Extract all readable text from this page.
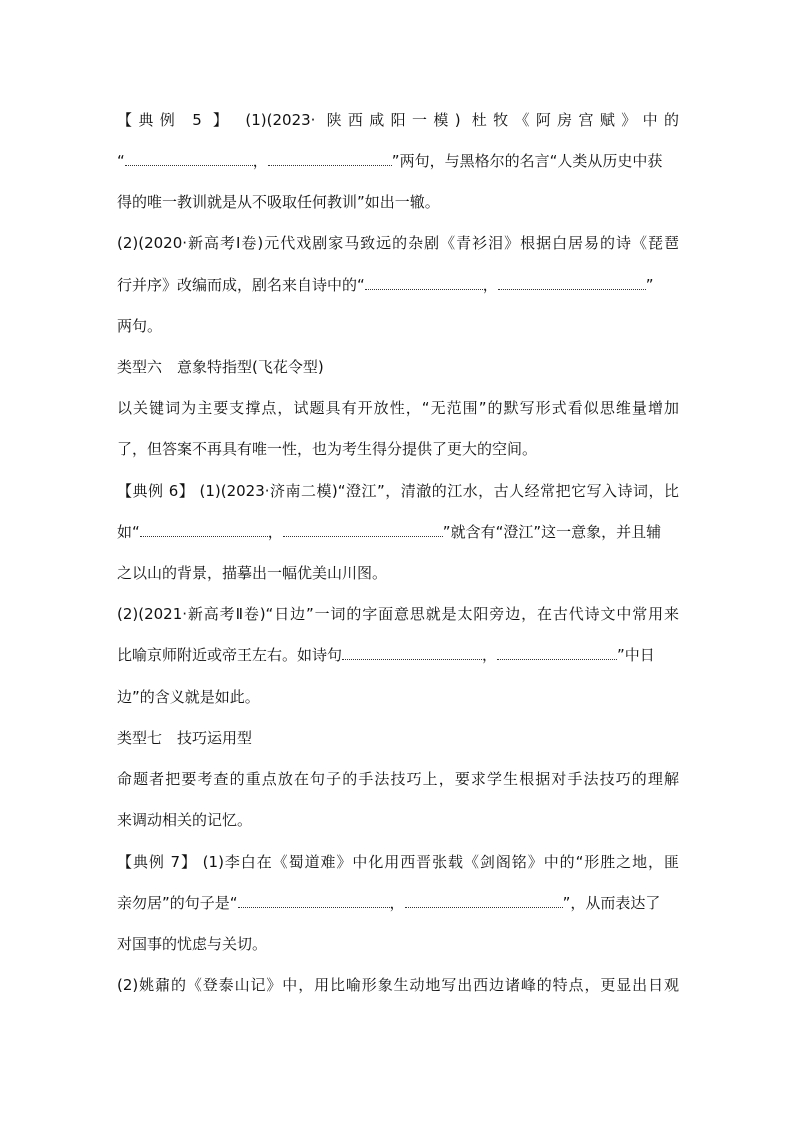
【典例 5 】 (1)(2023· 陕西咸阳一模) 杜牧《阿房宫赋》中的
“	，	”两句，与黑格尔的名言“人类从历史中获
得的唯一教训就是从不吸取任何教训”如出一辙。
(2)(2020·新高考Ⅰ卷)元代戏剧家马致远的杂剧《青衫泪》根据白居易的诗《琵琶
行并序》改编而成，剧名来自诗中的“	，	”
两句。
类型六　意象特指型(飞花令型)
以关键词为主要支撑点，试题具有开放性，“无范围”的默写形式看似思维量增加
了，但答案不再具有唯一性，也为考生得分提供了更大的空间。
【典例 6】 (1)(2023·济南二模)“澄江”，清澈的江水，古人经常把它写入诗词，比
如“	，	”就含有“澄江”这一意象，并且辅
之以山的背景，描摹出一幅优美山川图。
(2)(2021·新高考Ⅱ卷)“日边”一词的字面意思就是太阳旁边，在古代诗文中常用来
比喻京师附近或帝王左右。如诗句	，	”中日
边”的含义就是如此。
类型七　技巧运用型
命题者把要考查的重点放在句子的手法技巧上，要求学生根据对手法技巧的理解
来调动相关的记忆。
【典例 7】 (1)李白在《蜀道难》中化用西晋张载《剑阁铭》中的“形胜之地，匪
亲勿居”的句子是“	，	”，从而表达了
对国事的忧虑与关切。
(2)姚鼐的《登泰山记》中，用比喻形象生动地写出西边诸峰的特点，更显出日观
